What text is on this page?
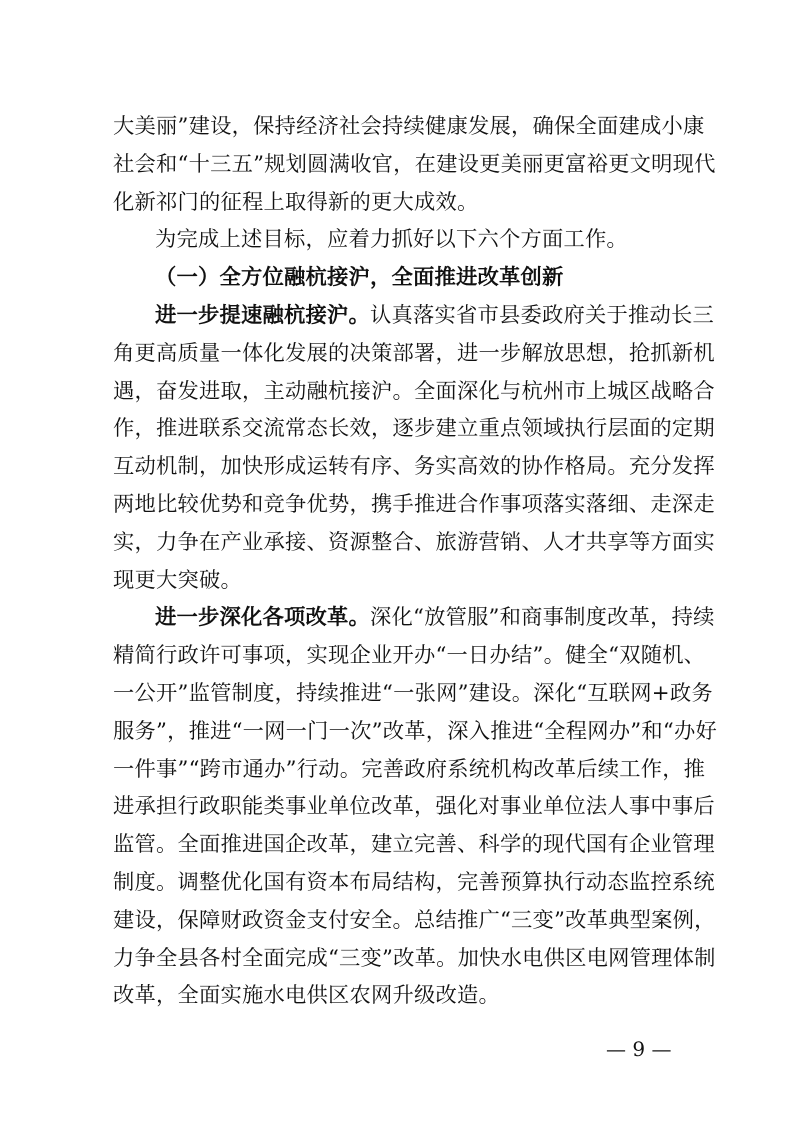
大美丽”建设，保持经济社会持续健康发展，确保全面建成小康
社会和“十三五”规划圆满收官，在建设更美丽更富裕更文明现代
化新祁门的征程上取得新的更大成效。
为完成上述目标，应着力抓好以下六个方面工作。
（一）全方位融杭接沪，全面推进改革创新
进一步提速融杭接沪。认真落实省市县委政府关于推动长三
角更高质量一体化发展的决策部署，进一步解放思想，抢抓新机
遇，奋发进取，主动融杭接沪。全面深化与杭州市上城区战略合
作，推进联系交流常态长效，逐步建立重点领域执行层面的定期
互动机制，加快形成运转有序、务实高效的协作格局。充分发挥
两地比较优势和竞争优势，携手推进合作事项落实落细、走深走
实，力争在产业承接、资源整合、旅游营销、人才共享等方面实
现更大突破。
进一步深化各项改革。深化“放管服”和商事制度改革，持续
精简行政许可事项，实现企业开办“一日办结”。健全“双随机、
一公开”监管制度，持续推进“一张网”建设。深化“互联网+政务
服务”，推进“一网一门一次”改革，深入推进“全程网办”和“办好
一件事”“跨市通办”行动。完善政府系统机构改革后续工作，推
进承担行政职能类事业单位改革，强化对事业单位法人事中事后
监管。全面推进国企改革，建立完善、科学的现代国有企业管理
制度。调整优化国有资本布局结构，完善预算执行动态监控系统
建设，保障财政资金支付安全。总结推广“三变”改革典型案例，
力争全县各村全面完成“三变”改革。加快水电供区电网管理体制
改革，全面实施水电供区农网升级改造。
— 9 —
